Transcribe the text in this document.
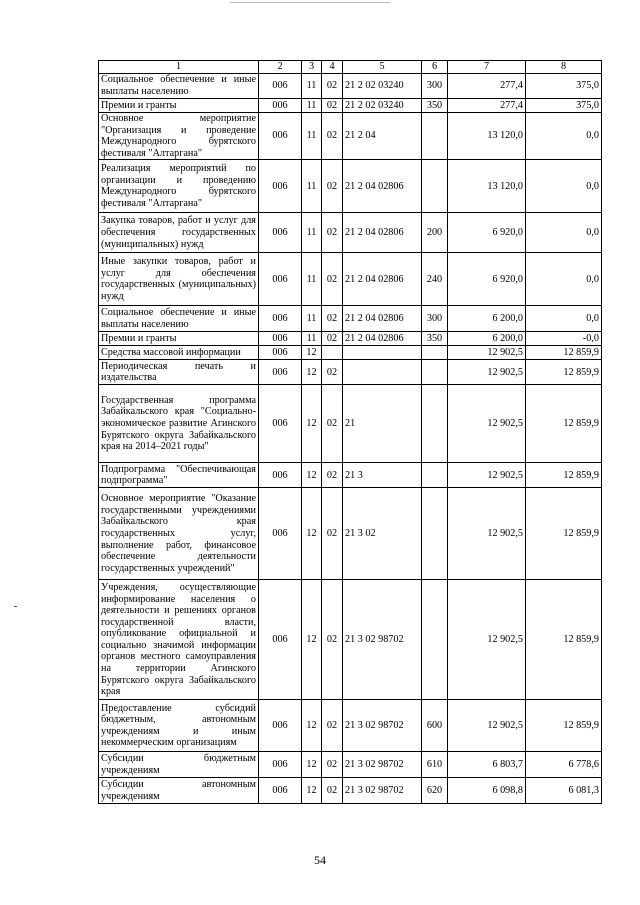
1	2	3	4	5	6	7	8
Социальное обеспечение и иные выплаты населению	006	11	02	21 2 02 03240	300	277,4	375,0
Премии и гранты	006	11	02	21 2 02 03240	350	277,4	375,0
Основное мероприятие "Организация и проведение Международного бурятского фестиваля "Алтаргана"	006	11	02	21 2 04		13 120,0	0,0
Реализация мероприятий по организации и проведению Международного бурятского фестиваля "Алтаргана"	006	11	02	21 2 04 02806		13 120,0	0,0
Закупка товаров, работ и услуг для обеспечения государственных (муниципальных) нужд	006	11	02	21 2 04 02806	200	6 920,0	0,0
Иные закупки товаров, работ и услуг для обеспечения государственных (муниципальных) нужд	006	11	02	21 2 04 02806	240	6 920,0	0,0
Социальное обеспечение и иные выплаты населению	006	11	02	21 2 04 02806	300	6 200,0	0,0
Премии и гранты	006	11	02	21 2 04 02806	350	6 200,0	-0,0
Средства массовой информации	006	12				12 902,5	12 859,9
Периодическая печать и издательства	006	12	02			12 902,5	12 859,9
Государственная программа Забайкальского края "Социально-экономическое развитие Агинского Бурятского округа Забайкальского края на 2014–2021 годы"	006	12	02	21		12 902,5	12 859,9
Подпрограмма "Обеспечивающая подпрограмма"	006	12	02	21 3		12 902,5	12 859,9
Основное мероприятие "Оказание государственными учреждениями Забайкальского края государственных услуг, выполнение работ, финансовое обеспечение деятельности государственных учреждений"	006	12	02	21 3 02		12 902,5	12 859,9
Учреждения, осуществляющие информирование населения о деятельности и решениях органов государственной власти, опубликование официальной и социально значимой информации органов местного самоуправления на территории Агинского Бурятского округа Забайкальского края	006	12	02	21 3 02 98702		12 902,5	12 859,9
Предоставление субсидий бюджетным, автономным учреждениям и иным некоммерческим организациям	006	12	02	21 3 02 98702	600	12 902,5	12 859,9
Субсидии бюджетным учреждениям	006	12	02	21 3 02 98702	610	6 803,7	6 778,6
Субсидии автономным учреждениям	006	12	02	21 3 02 98702	620	6 098,8	6 081,3
54
